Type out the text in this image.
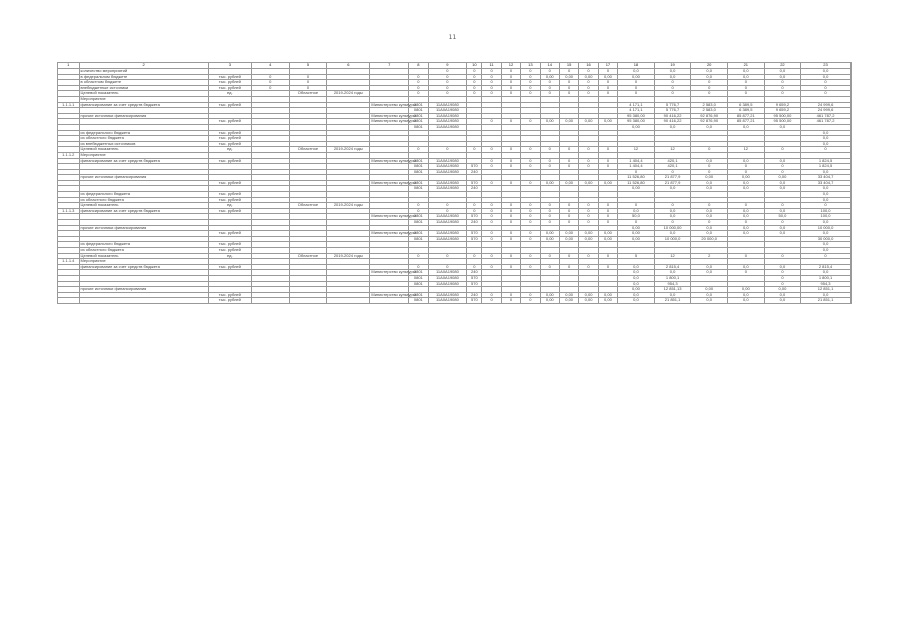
11
1	2	3	4	5	6	7	8	9	10	11	12	13	14	15	16	17	18	19	20	21	22	23	
	количество мероприятий							0	0	0	0	0	0	0	0	0	0,0	0,0	0,0	0,0	0,0	0,0	
	в федеральном бюджете	тыс. рублей	0	0			0	0	0	0	0	0	0,00	0,00	0,00	0,00	0,00	0,0	0,0	0,0	0,0	0,0	
	в областном бюджете	тыс. рублей	0	0			0	0	0	0	0	0	0	0	0	0	0	0	0	0	0	0	
	внебюджетные источники	тыс. рублей	0	0			0	0	0	0	0	0	0	0	0	0	0	0	0	0	0	0	
	Целевой показатель	ед.		Областное	2019-2024 годы		0	0	0	0	0	0	0	0	0	0	0	0	0	0	0	0	
	Мероприятие																						
1.1.1.1	финансирование за счет средств бюджета	тыс. рублей				Министерство культуры	0801	11А0А19080									4 171,1	5 776,7	2 583,0	6 389,5	9 659,2	24 999,6	
							0801	11А0А19080									4 171,1	5 776,7	2 583,0	6 389,5	9 659,2	24 999,6	
	прочие источники финансирования					Министерство культуры	0801	11А0А19080									95 380,00	90 416,22	92 876,90	85 877,21	95 500,00	461 787,2	
		тыс. рублей				Министерство культуры	0801	11А0А19080		0	0	0	0,00	0,00	0,00	0,00	95 380,00	90 416,22	92 876,90	85 877,21	95 500,00	461 787,2	
							0801	11А0А19080									0,00	0,0	0,0	0,0	0,0		
	из федерального бюджета	тыс. рублей																				0,0	
	из областного бюджета	тыс. рублей																				0,0	
	из внебюджетных источников	тыс. рублей																				0,0	
	Целевой показатель	ед.		Областное	2019-2024 годы		0	0	0	0	0	0	0	0	0	0	12	12	0	12	0	0	
1.1.1.2	Мероприятие																						
	финансирование за счет средств бюджета	тыс. рублей				Министерство культуры	0801	11А0А19080		0	0	0	0	0	0	0	1 404,4	420,1	0,0	0,0	0,0	1 824,5	
							0801	11А0А19080	570	0	0	0	0	0	0	0	1 404,4	420,1	0	0	0	1 824,5	
							0801	11А0А19080	240								0	0	0	0	0	0,0	
	прочие источники финансирования																11 526,80	21 877,9	0,00	0,00	0,00	33 404,7	
		тыс. рублей				Министерство культуры	0801	11А0А19080	570	0	0	0	0,00	0,00	0,00	0,00	11 526,80	21 877,9	0,0	0,0	0,0	33 404,7	
							0801	11А0А19080	240								0,00	0,0	0,0	0,0	0,0	0,0	
	из федерального бюджета	тыс. рублей																				0,0	
	из областного бюджета	тыс. рублей																				0,0	
	Целевой показатель	ед.		Областное	2019-2024 годы		0	0	0	0	0	0	0	0	0	0	0	0	0	0	0	0	
1.1.1.3	финансирование за счет средств бюджета	тыс. рублей					0	0	0	0	0	0	0	0	0	0	0,0	0,0	0,0	0,0	0,0	100,0	
						Министерство культуры	0801	11А0А19080	570	0	0	0	0	0	0	0	50,0	0,0	0,0	0,0	50,0	100,0	
							0801	11А0А19080	240	0	0	0	0	0	0	0	0	0	0	0	0	0,0	
	прочие источники финансирования																0,00	10 000,00	0,0	0,0	0,0	10 000,0	
		тыс. рублей				Министерство культуры	0801	11А0А19080	570	0	0	0	0,00	0,00	0,00	0,00	0,00	0,0	0,0	0,0	0,0	0,0	
							0801	11А0А19080	570	0	0	0	0,00	0,00	0,00	0,00	0,00	10 000,0	20 000,0			30 000,0	
	из федерального бюджета	тыс. рублей																				0,0	
	из областного бюджета	тыс. рублей																				0,0	
	Целевой показатель	ед.		Областное	2019-2024 годы		0	0	0	0	0	0	0	0	0	0	5	12	2	0	0	0	
1.1.1.4	Мероприятие																						
	финансирование за счет средств бюджета	тыс. рублей					0	0	0	0	0	0	0	0	0	0	0,0	2 815,4	0,0	0,0	0,0	2 815,4	
						Министерство культуры	0801	11А0А19080	240								0,0	0,0	0,0	0	0	0,0	
							0801	11А0А19080	570								0,0	1 800,1			0	1 800,1	
							0801	11А0А19080	570								0,0	954,3			0	954,3	
	прочие источники финансирования																0,00	12 851,13	0,00	0,00	0,00	12 851,1	
		тыс. рублей				Министерство культуры	0801	11А0А19080	240	0	0	0	0,00	0,00	0,00	0,00	0,0	0,0	0,0	0,0	0,0	0,0	
		тыс. рублей					0801	11А0А19080	570	0	0	0	0,00	0,00	0,00	0,00	0,0	21 851,1	0,0	0,0	0,0	21 851,1	
